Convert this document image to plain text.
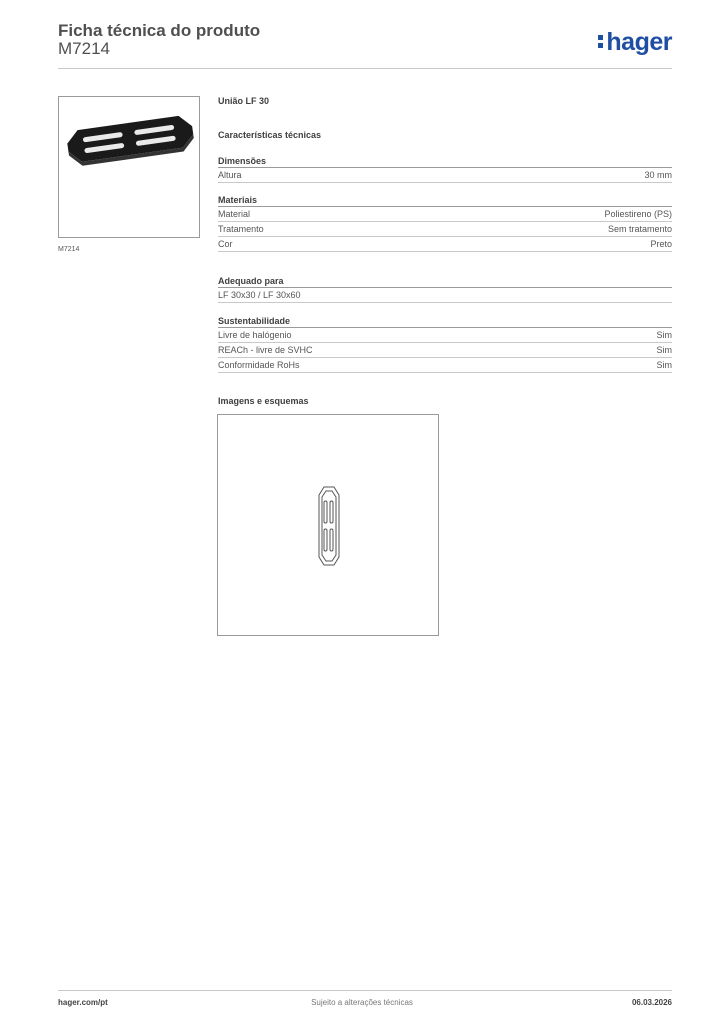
Ficha técnica do produto
M7214	hager
M7214
União LF 30
Características técnicas
Dimensões
Altura	30 mm
Materiais
Material	Poliestireno (PS)
Tratamento	Sem tratamento
Cor	Preto
Adequado para
LF 30x30 / LF 30x60
Sustentabilidade
Livre de halógenio	Sim
REACh - livre de SVHC	Sim
Conformidade RoHs	Sim
Imagens e esquemas
hager.com/pt	Sujeito a alterações técnicas	06.03.2026
